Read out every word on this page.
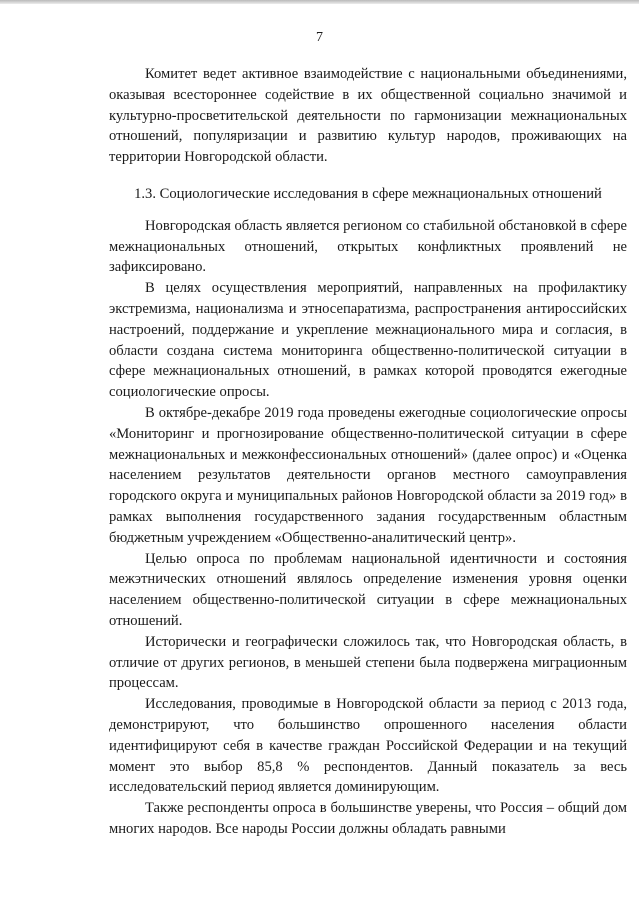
7

Комитет ведет активное взаимодействие с национальными объединениями, оказывая всестороннее содействие в их общественной социально значимой и культурно-просветительской деятельности по гармонизации межнациональных отношений, популяризации и развитию культур народов, проживающих на территории Новгородской области.

1.3. Социологические исследования в сфере межнациональных отношений

Новгородская область является регионом со стабильной обстановкой в сфере межнациональных отношений, открытых конфликтных проявлений не зафиксировано.

В целях осуществления мероприятий, направленных на профилактику экстремизма, национализма и этносепаратизма, распространения антироссийских настроений, поддержание и укрепление межнационального мира и согласия, в области создана система мониторинга общественно-политической ситуации в сфере межнациональных отношений, в рамках которой проводятся ежегодные социологические опросы.

В октябре-декабре 2019 года проведены ежегодные социологические опросы «Мониторинг и прогнозирование общественно-политической ситуации в сфере межнациональных и межконфессиональных отношений» (далее опрос) и «Оценка населением результатов деятельности органов местного самоуправления городского округа и муниципальных районов Новгородской области за 2019 год» в рамках выполнения государственного задания государственным областным бюджетным учреждением «Общественно-аналитический центр».

Целью опроса по проблемам национальной идентичности и состояния межэтнических отношений являлось определение изменения уровня оценки населением общественно-политической ситуации в сфере межнациональных отношений.

Исторически и географически сложилось так, что Новгородская область, в отличие от других регионов, в меньшей степени была подвержена миграционным процессам.

Исследования, проводимые в Новгородской области за период с 2013 года, демонстрируют, что большинство опрошенного населения области идентифицируют себя в качестве граждан Российской Федерации и на текущий момент это выбор 85,8 % респондентов. Данный показатель за весь исследовательский период является доминирующим.

Также респонденты опроса в большинстве уверены, что Россия – общий дом многих народов. Все народы России должны обладать равными
